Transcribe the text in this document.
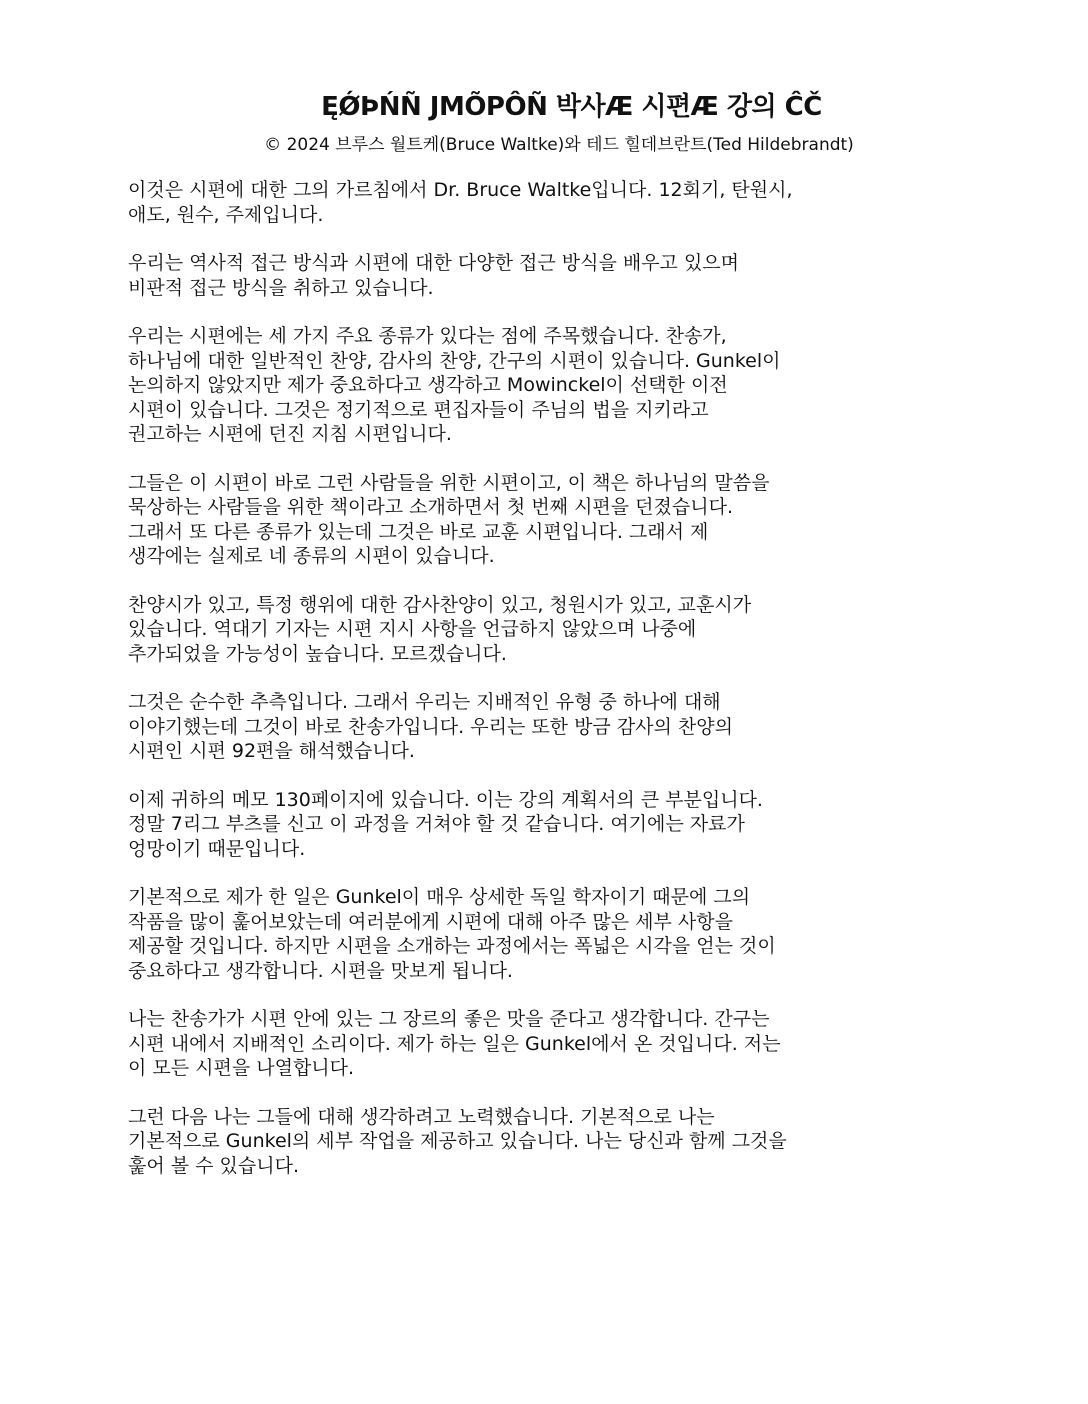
ĘǾÞŃÑ JMÕPÔÑ 박사Æ 시편Æ 강의 ĈČ
© 2024 브루스 월트케(Bruce Waltke)와 테드 힐데브란트(Ted Hildebrandt)
이것은 시편에 대한 그의 가르침에서 Dr. Bruce Waltke입니다. 12회기, 탄원시,
애도, 원수, 주제입니다.
우리는 역사적 접근 방식과 시편에 대한 다양한 접근 방식을 배우고 있으며
비판적 접근 방식을 취하고 있습니다.
우리는 시편에는 세 가지 주요 종류가 있다는 점에 주목했습니다. 찬송가,
하나님에 대한 일반적인 찬양, 감사의 찬양, 간구의 시편이 있습니다. Gunkel이
논의하지 않았지만 제가 중요하다고 생각하고 Mowinckel이 선택한 이전
시편이 있습니다. 그것은 정기적으로 편집자들이 주님의 법을 지키라고
권고하는 시편에 던진 지침 시편입니다.
그들은 이 시편이 바로 그런 사람들을 위한 시편이고, 이 책은 하나님의 말씀을
묵상하는 사람들을 위한 책이라고 소개하면서 첫 번째 시편을 던졌습니다.
그래서 또 다른 종류가 있는데 그것은 바로 교훈 시편입니다. 그래서 제
생각에는 실제로 네 종류의 시편이 있습니다.
찬양시가 있고, 특정 행위에 대한 감사찬양이 있고, 청원시가 있고, 교훈시가
있습니다. 역대기 기자는 시편 지시 사항을 언급하지 않았으며 나중에
추가되었을 가능성이 높습니다. 모르겠습니다.
그것은 순수한 추측입니다. 그래서 우리는 지배적인 유형 중 하나에 대해
이야기했는데 그것이 바로 찬송가입니다. 우리는 또한 방금 감사의 찬양의
시편인 시편 92편을 해석했습니다.
이제 귀하의 메모 130페이지에 있습니다. 이는 강의 계획서의 큰 부분입니다.
정말 7리그 부츠를 신고 이 과정을 거쳐야 할 것 같습니다. 여기에는 자료가
엉망이기 때문입니다.
기본적으로 제가 한 일은 Gunkel이 매우 상세한 독일 학자이기 때문에 그의
작품을 많이 훑어보았는데 여러분에게 시편에 대해 아주 많은 세부 사항을
제공할 것입니다. 하지만 시편을 소개하는 과정에서는 폭넓은 시각을 얻는 것이
중요하다고 생각합니다. 시편을 맛보게 됩니다.
나는 찬송가가 시편 안에 있는 그 장르의 좋은 맛을 준다고 생각합니다. 간구는
시편 내에서 지배적인 소리이다. 제가 하는 일은 Gunkel에서 온 것입니다. 저는
이 모든 시편을 나열합니다.
그런 다음 나는 그들에 대해 생각하려고 노력했습니다. 기본적으로 나는
기본적으로 Gunkel의 세부 작업을 제공하고 있습니다. 나는 당신과 함께 그것을
훑어 볼 수 있습니다.
